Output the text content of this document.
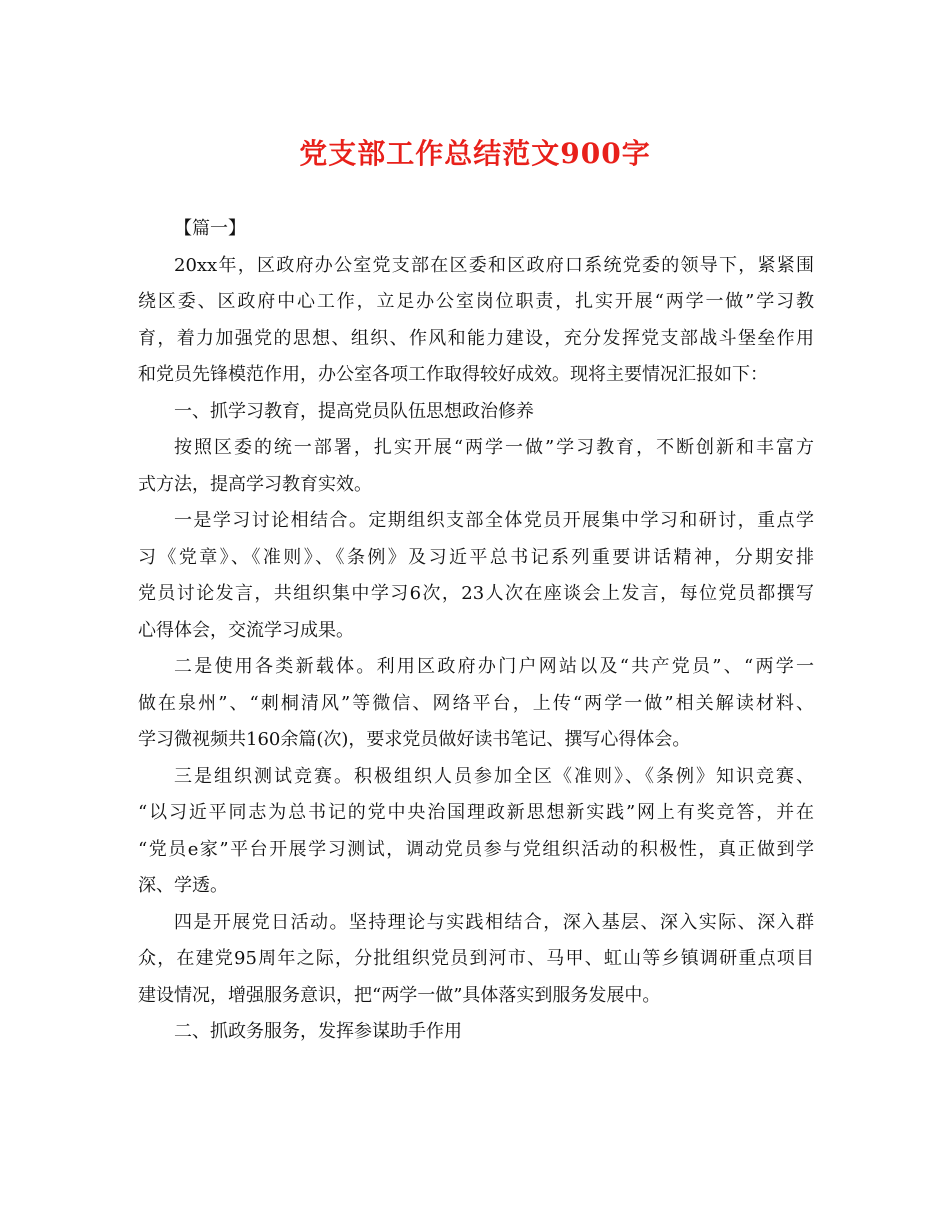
党支部工作总结范文900字
【篇一】
20xx年，区政府办公室党支部在区委和区政府口系统党委的领导下，紧紧围
绕区委、区政府中心工作，立足办公室岗位职责，扎实开展“两学一做”学习教
育，着力加强党的思想、组织、作风和能力建设，充分发挥党支部战斗堡垒作用
和党员先锋模范作用，办公室各项工作取得较好成效。现将主要情况汇报如下：
一、抓学习教育，提高党员队伍思想政治修养
按照区委的统一部署，扎实开展“两学一做”学习教育，不断创新和丰富方
式方法，提高学习教育实效。
一是学习讨论相结合。定期组织支部全体党员开展集中学习和研讨，重点学
习《党章》、《准则》、《条例》及习近平总书记系列重要讲话精神，分期安排
党员讨论发言，共组织集中学习6次，23人次在座谈会上发言，每位党员都撰写
心得体会，交流学习成果。
二是使用各类新载体。利用区政府办门户网站以及“共产党员”、“两学一
做在泉州”、“刺桐清风”等微信、网络平台，上传“两学一做”相关解读材料、
学习微视频共160余篇(次)，要求党员做好读书笔记、撰写心得体会。
三是组织测试竞赛。积极组织人员参加全区《准则》、《条例》知识竞赛、
“以习近平同志为总书记的党中央治国理政新思想新实践”网上有奖竞答，并在
“党员e家”平台开展学习测试，调动党员参与党组织活动的积极性，真正做到学
深、学透。
四是开展党日活动。坚持理论与实践相结合，深入基层、深入实际、深入群
众，在建党95周年之际，分批组织党员到河市、马甲、虹山等乡镇调研重点项目
建设情况，增强服务意识，把“两学一做”具体落实到服务发展中。
二、抓政务服务，发挥参谋助手作用
